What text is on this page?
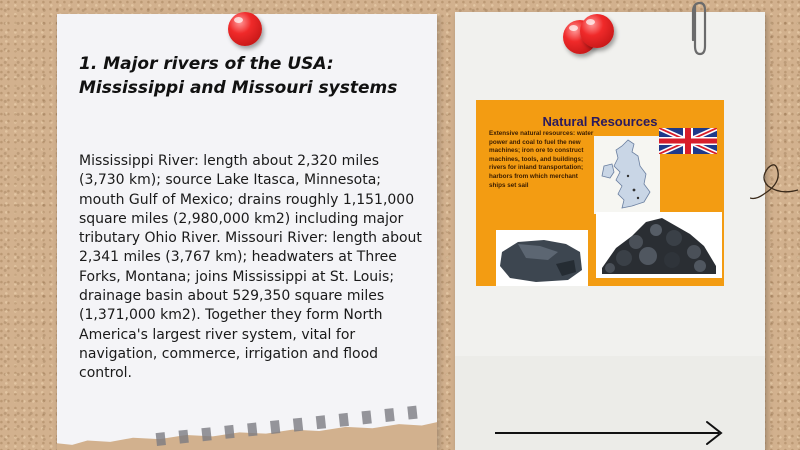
1. Major rivers of the USA: Mississippi and Missouri systems
Mississippi River: length about 2,320 miles (3,730 km); source Lake Itasca, Minnesota; mouth Gulf of Mexico; drains roughly 1,151,000 square miles (2,980,000 km2) including major tributary Ohio River. Missouri River: length about 2,341 miles (3,767 km); headwaters at Three Forks, Montana; joins Mississippi at St. Louis; drainage basin about 529,350 square miles (1,371,000 km2). Together they form North America's largest river system, vital for navigation, commerce, irrigation and flood control.
Natural Resources
Extensive natural resources: water power and coal to fuel the new machines; iron ore to construct machines, tools, and buildings; rivers for inland transportation; harbors from which merchant ships set sail
